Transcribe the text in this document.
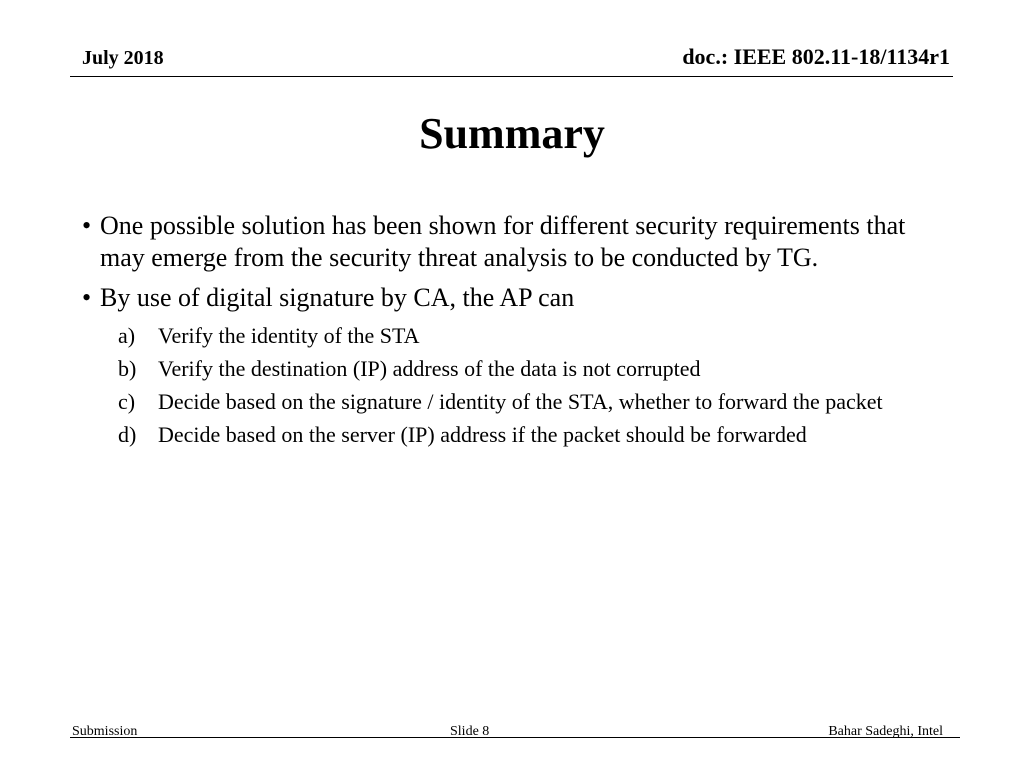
July 2018	doc.: IEEE 802.11-18/1134r1
Summary
• One possible solution has been shown for different security requirements that may emerge from the security threat analysis to be conducted by TG.
• By use of digital signature by CA, the AP can
a) Verify the identity of the STA
b) Verify the destination (IP) address of the data is not corrupted
c) Decide based on the signature / identity of the STA, whether to forward the packet
d) Decide based on the server (IP) address if the packet should be forwarded
Submission	Slide 8	Bahar Sadeghi, Intel
